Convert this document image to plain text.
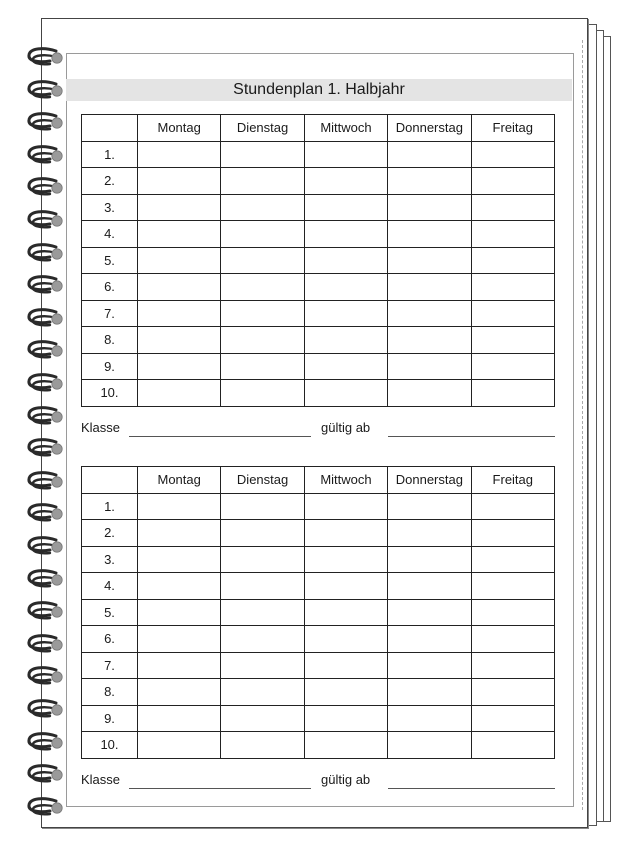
Stundenplan 1. Halbjahr
	Montag	Dienstag	Mittwoch	Donnerstag	Freitag
1.					
2.					
3.					
4.					
5.					
6.					
7.					
8.					
9.					
10.					
Klasse	gültig ab
	Montag	Dienstag	Mittwoch	Donnerstag	Freitag
1.					
2.					
3.					
4.					
5.					
6.					
7.					
8.					
9.					
10.					
Klasse	gültig ab
